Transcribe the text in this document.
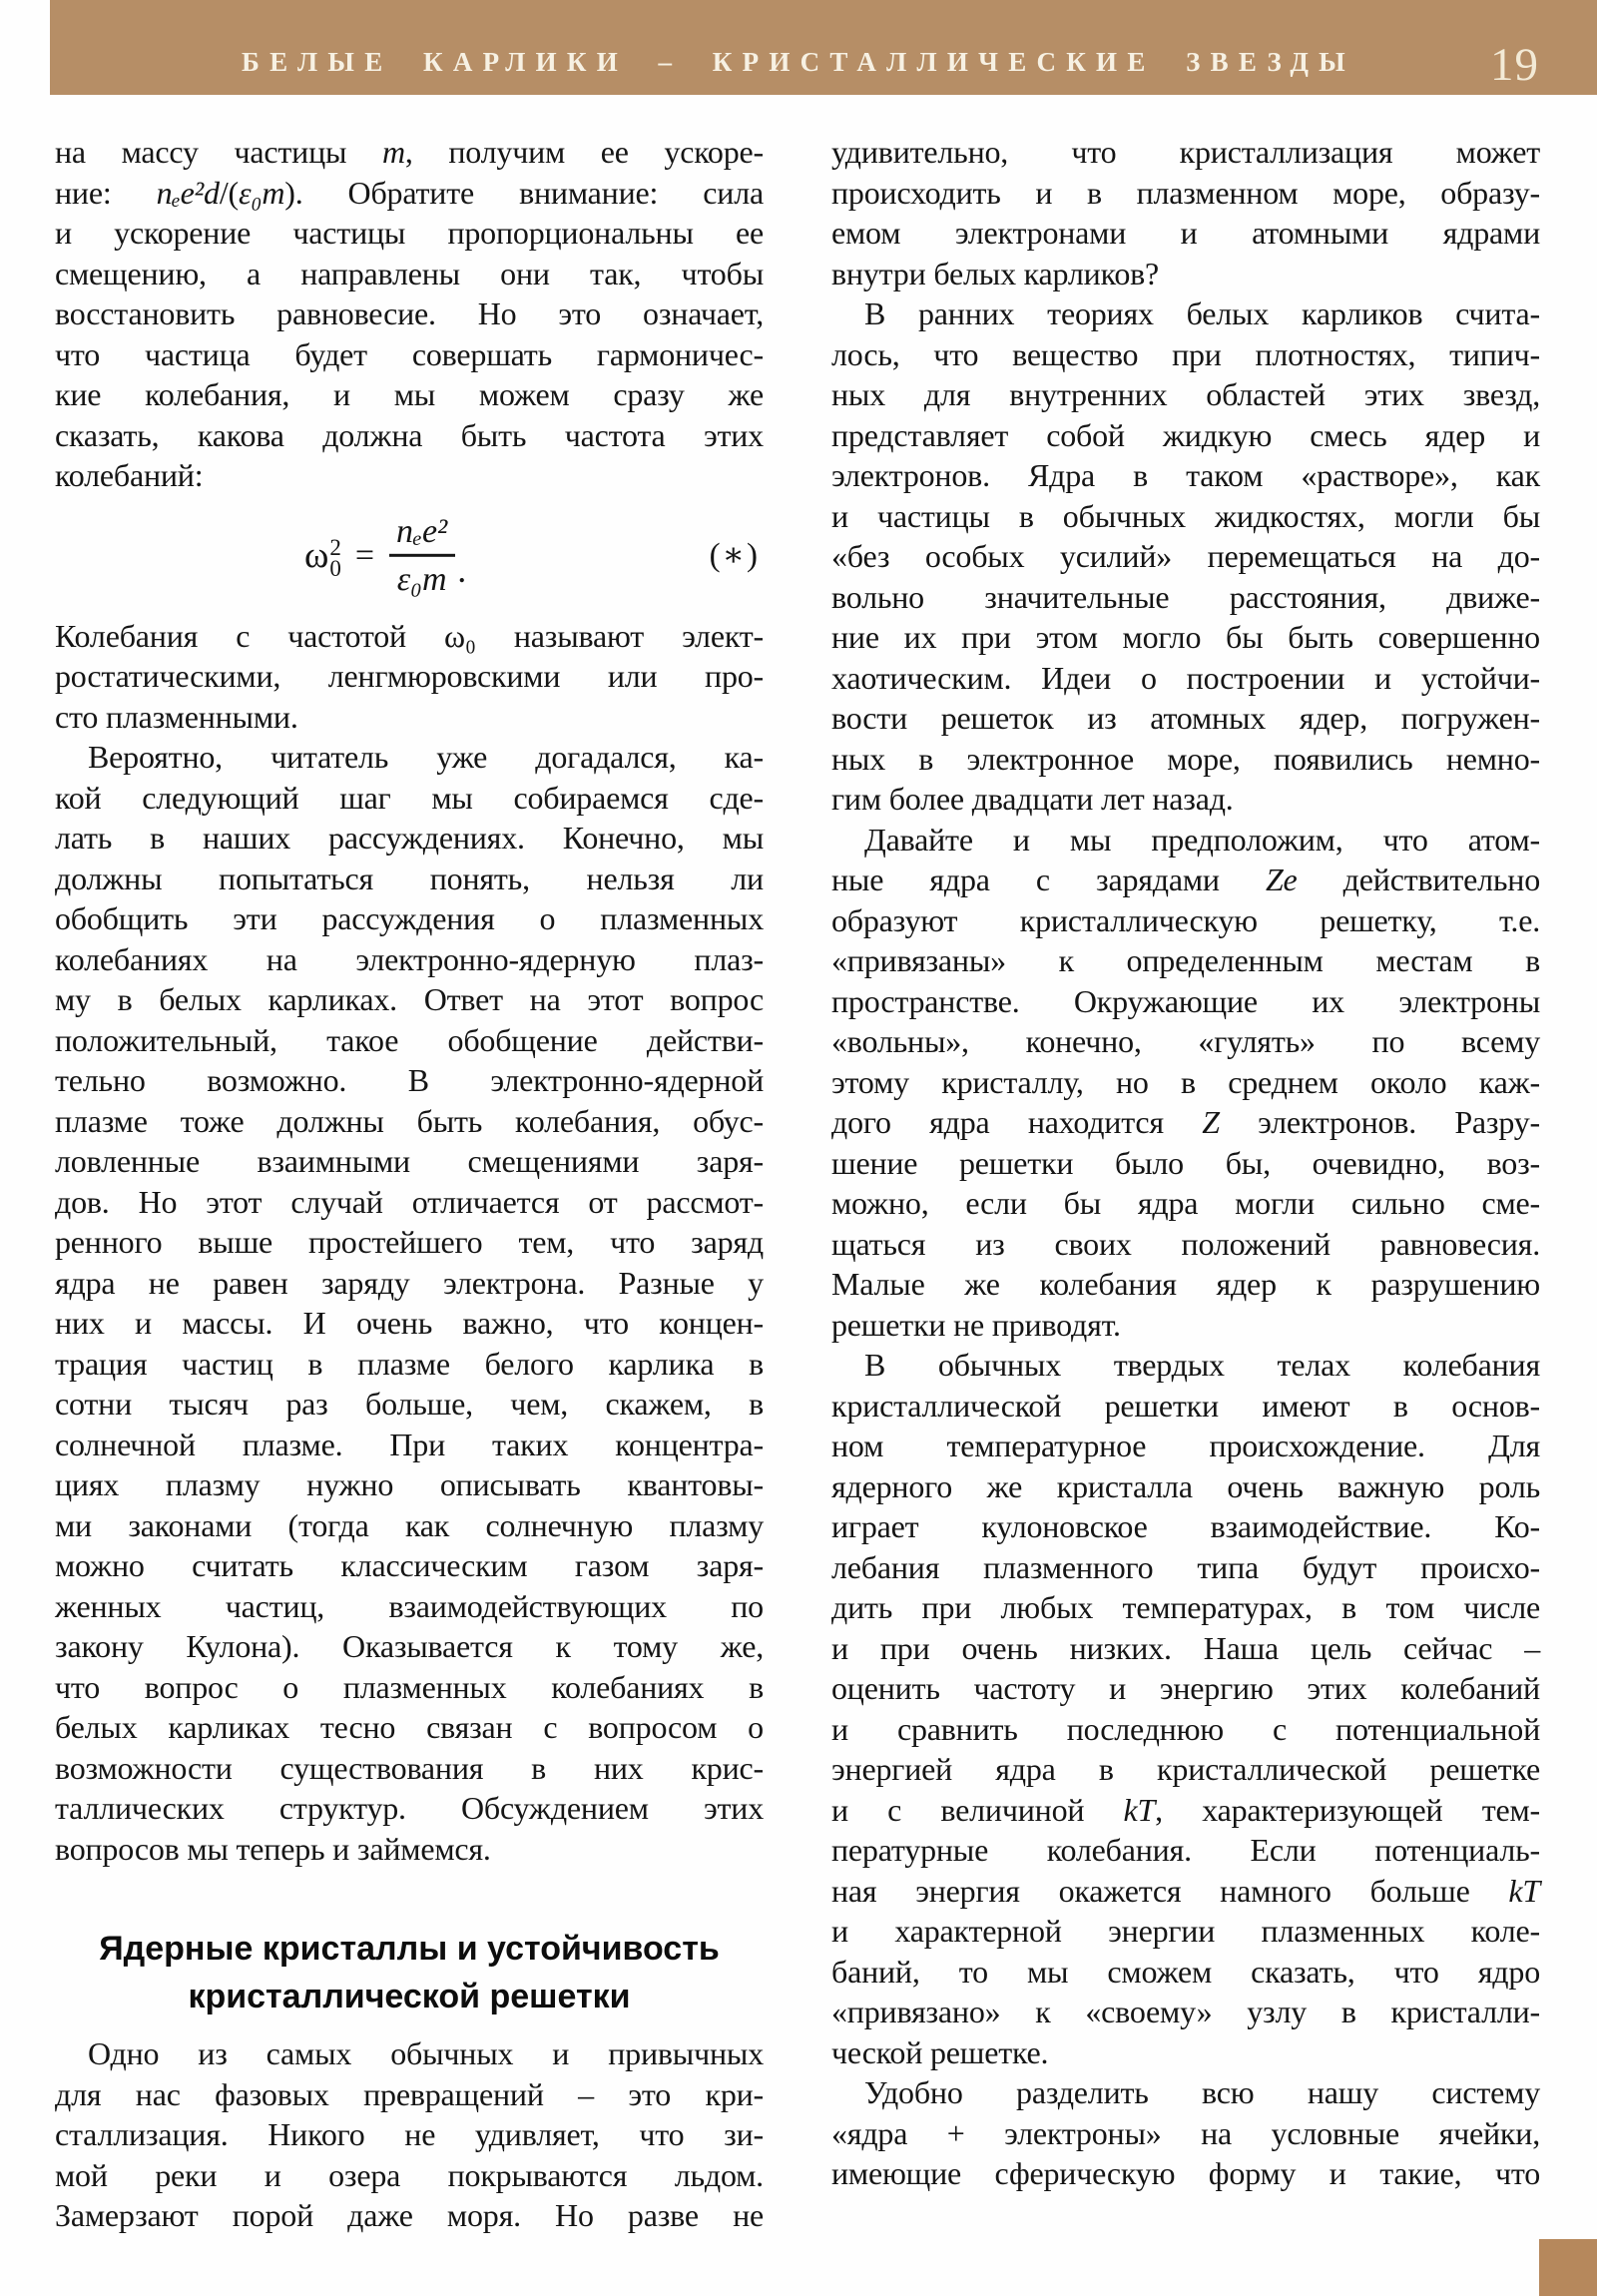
БЕЛЫЕ КАРЛИКИ – КРИСТАЛЛИЧЕСКИЕ ЗВЕЗДЫ	19
на массу частицы m, получим ее ускоре-
ние: nₑe²d/(ε₀m). Обратите внимание: сила
и ускорение частицы пропорциональны ее
смещению, а направлены они так, чтобы
восстановить равновесие. Но это означает,
что частица будет совершать гармоничес-
кие колебания, и мы можем сразу же
сказать, какова должна быть частота этих
колебаний:
ω 2
$0 = \frac{\text{nₑe²}}{\text{ε₀m}}$ .	(∗)
Колебания с частотой ω₀ называют элект-
ростатическими, ленгмюровскими или про-
сто плазменными.
Вероятно, читатель уже догадался, ка-
кой следующий шаг мы собираемся сде-
лать в наших рассуждениях. Конечно, мы
должны попытаться понять, нельзя ли
обобщить эти рассуждения о плазменных
колебаниях на электронно-ядерную плаз-
му в белых карликах. Ответ на этот вопрос
положительный, такое обобщение действи-
тельно возможно. В электронно-ядерной
плазме тоже должны быть колебания, обус-
ловленные взаимными смещениями заря-
дов. Но этот случай отличается от рассмот-
ренного выше простейшего тем, что заряд
ядра не равен заряду электрона. Разные у
них и массы. И очень важно, что концен-
трация частиц в плазме белого карлика в
сотни тысяч раз больше, чем, скажем, в
солнечной плазме. При таких концентра-
циях плазму нужно описывать квантовы-
ми законами (тогда как солнечную плазму
можно считать классическим газом заря-
женных частиц, взаимодействующих по
закону Кулона). Оказывается к тому же,
что вопрос о плазменных колебаниях в
белых карликах тесно связан с вопросом о
возможности существования в них крис-
таллических структур. Обсуждением этих
вопросов мы теперь и займемся.
Ядерные кристаллы и устойчивость
кристаллической решетки
Одно из самых обычных и привычных
для нас фазовых превращений – это кри-
сталлизация. Никого не удивляет, что зи-
мой реки и озера покрываются льдом.
Замерзают порой даже моря. Но разве не
удивительно, что кристаллизация может
происходить и в плазменном море, образу-
емом электронами и атомными ядрами
внутри белых карликов?
В ранних теориях белых карликов счита-
лось, что вещество при плотностях, типич-
ных для внутренних областей этих звезд,
представляет собой жидкую смесь ядер и
электронов. Ядра в таком «растворе», как
и частицы в обычных жидкостях, могли бы
«без особых усилий» перемещаться на до-
вольно значительные расстояния, движе-
ние их при этом могло бы быть совершенно
хаотическим. Идеи о построении и устойчи-
вости решеток из атомных ядер, погружен-
ных в электронное море, появились немно-
гим более двадцати лет назад.
Давайте и мы предположим, что атом-
ные ядра с зарядами Ze действительно
образуют кристаллическую решетку, т.е.
«привязаны» к определенным местам в
пространстве. Окружающие их электроны
«вольны», конечно, «гулять» по всему
этому кристаллу, но в среднем около каж-
дого ядра находится Z электронов. Разру-
шение решетки было бы, очевидно, воз-
можно, если бы ядра могли сильно сме-
щаться из своих положений равновесия.
Малые же колебания ядер к разрушению
решетки не приводят.
В обычных твердых телах колебания
кристаллической решетки имеют в основ-
ном температурное происхождение. Для
ядерного же кристалла очень важную роль
играет кулоновское взаимодействие. Ко-
лебания плазменного типа будут происхо-
дить при любых температурах, в том числе
и при очень низких. Наша цель сейчас –
оценить частоту и энергию этих колебаний
и сравнить последнюю с потенциальной
энергией ядра в кристаллической решетке
и с величиной kT, характеризующей тем-
пературные колебания. Если потенциаль-
ная энергия окажется намного больше kT
и характерной энергии плазменных коле-
баний, то мы сможем сказать, что ядро
«привязано» к «своему» узлу в кристалли-
ческой решетке.
Удобно разделить всю нашу систему
«ядра + электроны» на условные ячейки,
имеющие сферическую форму и такие, что
